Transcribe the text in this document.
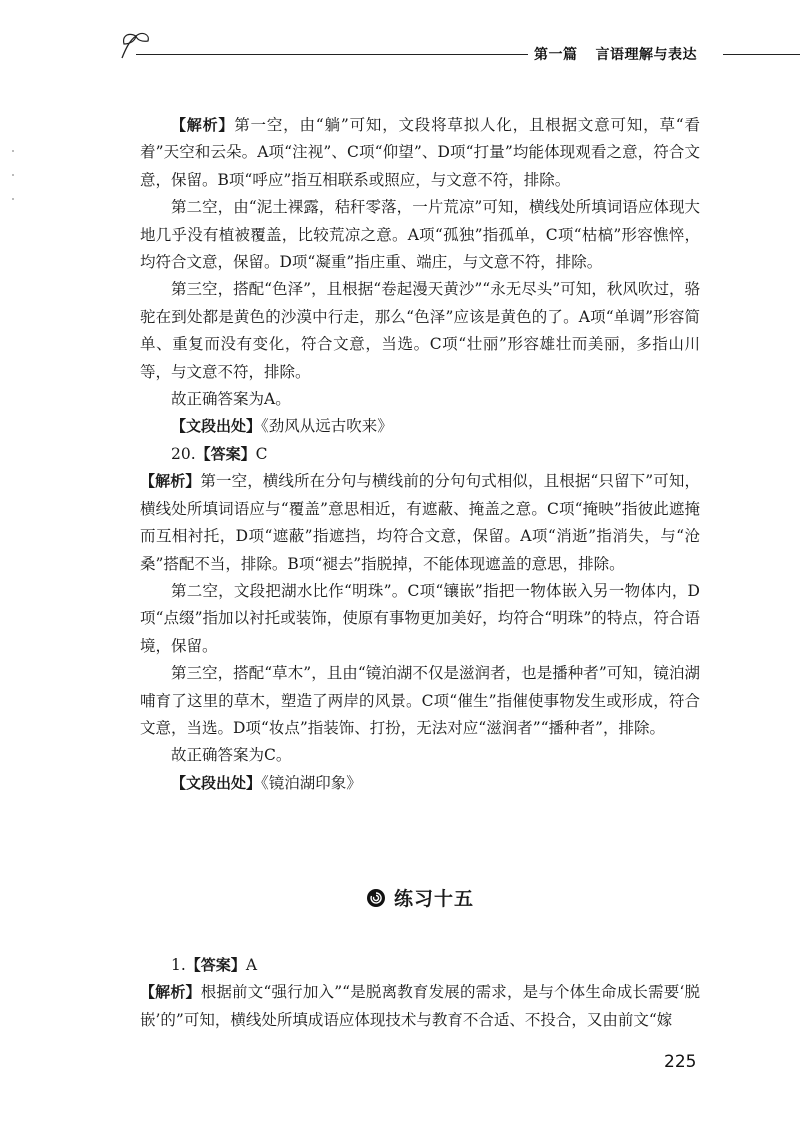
第一篇 言语理解与表达

【解析】第一空，由“躺”可知，文段将草拟人化，且根据文意可知，草“看着”天空和云朵。A项“注视”、C项“仰望”、D项“打量”均能体现观看之意，符合文意，保留。B项“呼应”指互相联系或照应，与文意不符，排除。

第二空，由“泥土裸露，秸秆零落，一片荒凉”可知，横线处所填词语应体现大地几乎没有植被覆盖，比较荒凉之意。A项“孤独”指孤单，C项“枯槁”形容憔悴，均符合文意，保留。D项“凝重”指庄重、端庄，与文意不符，排除。

第三空，搭配“色泽”，且根据“卷起漫天黄沙”“永无尽头”可知，秋风吹过，骆驼在到处都是黄色的沙漠中行走，那么“色泽”应该是黄色的了。A项“单调”形容简单、重复而没有变化，符合文意，当选。C项“壮丽”形容雄壮而美丽，多指山川等，与文意不符，排除。

故正确答案为A。

【文段出处】《劲风从远古吹来》

20.【答案】C

【解析】第一空，横线所在分句与横线前的分句句式相似，且根据“只留下”可知，横线处所填词语应与“覆盖”意思相近，有遮蔽、掩盖之意。C项“掩映”指彼此遮掩而互相衬托，D项“遮蔽”指遮挡，均符合文意，保留。A项“消逝”指消失，与“沧桑”搭配不当，排除。B项“褪去”指脱掉，不能体现遮盖的意思，排除。

第二空，文段把湖水比作“明珠”。C项“镶嵌”指把一物体嵌入另一物体内，D项“点缀”指加以衬托或装饰，使原有事物更加美好，均符合“明珠”的特点，符合语境，保留。

第三空，搭配“草木”，且由“镜泊湖不仅是滋润者，也是播种者”可知，镜泊湖哺育了这里的草木，塑造了两岸的风景。C项“催生”指催使事物发生或形成，符合文意，当选。D项“妆点”指装饰、打扮，无法对应“滋润者”“播种者”，排除。

故正确答案为C。

【文段出处】《镜泊湖印象》

练习十五

1.【答案】A

【解析】根据前文“强行加入”“是脱离教育发展的需求，是与个体生命成长需要‘脱嵌’的”可知，横线处所填成语应体现技术与教育不合适、不投合，又由前文“嫁

225
